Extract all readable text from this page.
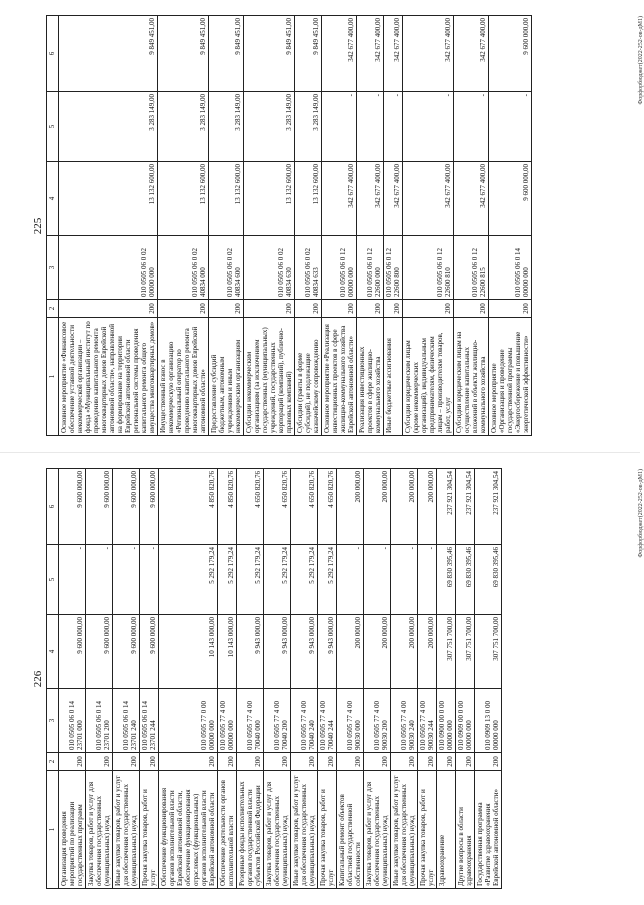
225
1	2	3	4	5	6
Основное мероприятие «Финансовое обеспечение уставной деятельности некоммерческой организации – фонда «Муниципальный институт по проведению капитального ремонта многоквартирных домов Еврейской автономной области», направленной на формирование на территории Еврейской автономной области региональной системы проведения капитального ремонта общего имущества многоквартирных домов»	200	010 0505 06 0 02 00000 000	13 132 600,00	3 283 149,00	9 849 451,00
Имущественный взнос в некоммерческую организацию «Региональный оператор по проведению капитального ремонта многоквартирных домов Еврейской автономной области»	200	010 0505 06 0 02 40834 000	13 132 600,00	3 283 149,00	9 849 451,00
Предоставление субсидий бюджетным, автономным учреждениям и иным некоммерческим организациям	200	010 0505 06 0 02 40834 600	13 132 600,00	3 283 149,00	9 849 451,00
Субсидии некоммерческим организациям (за исключением государственных (муниципальных) учреждений, государственных корпораций (компаний), публично-правовых компаний)	200	010 0505 06 0 02 40834 630	13 132 600,00	3 283 149,00	9 849 451,00
Субсидии (гранты в форме субсидий), не подлежащие казначейскому сопровождению	200	010 0505 06 0 02 40834 633	13 132 600,00	3 283 149,00	9 849 451,00
Основное мероприятие «Реализация инвестиционных проектов в сфере жилищно-коммунального хозяйства Еврейской автономной области»	200	010 0505 06 0 12 00000 000	342 677 400,00	-	342 677 400,00
Реализация инвестиционных проектов в сфере жилищно-коммунального хозяйства	200	010 0505 06 0 12 22600 000	342 677 400,00	-	342 677 400,00
Иные бюджетные ассигнования	200	010 0505 06 0 12 22600 800	342 677 400,00	-	342 677 400,00
Субсидии юридическим лицам (кроме некоммерческих организаций), индивидуальным предпринимателям, физическим лицам – производителям товаров, работ, услуг	200	010 0505 06 0 12 22600 810	342 677 400,00	-	342 677 400,00
Субсидии юридическим лицам на осуществление капитальных вложений в объекты жилищно-коммунального хозяйства	200	010 0505 06 0 12 22600 815	342 677 400,00	-	342 677 400,00
Основное мероприятие «Организация и проведение государственной программы «Энергосбережение и повышение энергетической эффективности»	200	010 0505 06 0 14 00000 000	9 600 000,00	-	9 600 000,00	Форфорбюджет(2022-252-ов-дМ1)
226
1	2	3	4	5	6
Организация проведения мероприятий по реализации государственных программ	200	010 0505 06 0 14 23701 000	9 600 000,00	-	9 600 000,00
Закупка товаров, работ и услуг для обеспечения государственных (муниципальных) нужд	200	010 0505 06 0 14 23701 200	9 600 000,00	-	9 600 000,00
Иные закупки товаров, работ и услуг для обеспечения государственных (муниципальных) нужд	200	010 0505 06 0 14 23701 240	9 600 000,00	-	9 600 000,00
Прочая закупка товаров, работ и услуг	200	010 0505 06 0 14 23701 244	9 600 000,00	-	9 600 000,00
Обеспечение функционирования органов исполнительной власти Еврейской автономной области, обеспечение функционирования отраслевых (функциональных) органов исполнительной власти Еврейской автономной области	200	010 0505 77 0 00 00000 000	10 143 000,00	5 292 179,24	4 850 820,76
Обеспечение деятельности органов исполнительной власти	200	010 0505 77 4 00 00000 000	10 143 000,00	5 292 179,24	4 850 820,76
Резервные фонды исполнительных органов государственной власти субъектов Российской Федерации	200	010 0505 77 4 00 70040 000	9 943 000,00	5 292 179,24	4 650 820,76
Закупка товаров, работ и услуг для обеспечения государственных (муниципальных) нужд	200	010 0505 77 4 00 70040 200	9 943 000,00	5 292 179,24	4 650 820,76
Иные закупки товаров, работ и услуг для обеспечения государственных (муниципальных) нужд	200	010 0505 77 4 00 70040 240	9 943 000,00	5 292 179,24	4 650 820,76
Прочая закупка товаров, работ и услуг	200	010 0505 77 4 00 70040 244	9 943 000,00	5 292 179,24	4 650 820,76
Капитальный ремонт объектов областной государственной собственности	200	010 0505 77 4 00 90030 000	200 000,00	-	200 000,00
Закупка товаров, работ и услуг для обеспечения государственных (муниципальных) нужд	200	010 0505 77 4 00 90030 200	200 000,00	-	200 000,00
Иные закупки товаров, работ и услуг для обеспечения государственных (муниципальных) нужд	200	010 0505 77 4 00 90030 240	200 000,00	-	200 000,00
Прочая закупка товаров, работ и услуг	200	010 0505 77 4 00 90030 244	200 000,00	-	200 000,00
Здравоохранение	200	010 0900 00 0 00 00000 000	307 751 700,00	69 830 395,46	237 921 304,54
Другие вопросы в области здравоохранения	200	010 0909 00 0 00 00000 000	307 751 700,00	69 830 395,46	237 921 304,54
Государственная программа «Развитие здравоохранения Еврейской автономной области»	200	010 0909 13 0 00 00000 000	307 751 700,00	69 830 395,46	237 921 304,54	Форфорбюджет(2022-252-ов-дМ1)
